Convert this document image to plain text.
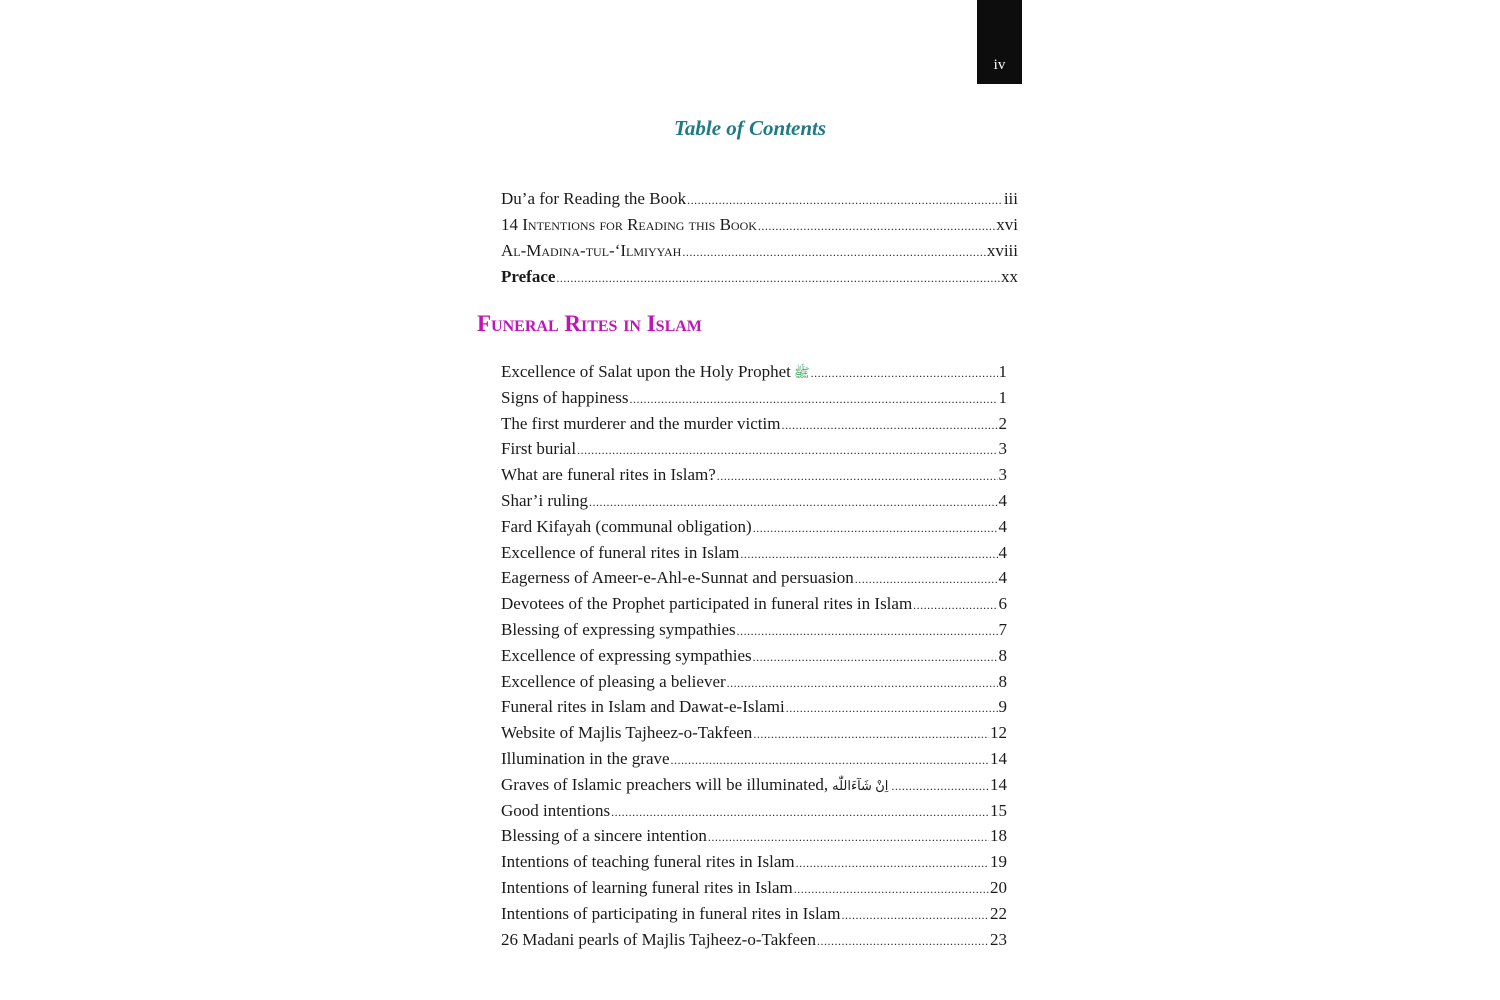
iv
Table of Contents
Du’a for Reading the Book .....	iii
14 Intentions for Reading this Book .....	xvi
Al-Madina-tul-‘Ilmiyyah .....	xviii
Preface .....	xx
Funeral Rites in Islam
Excellence of Salat upon the Holy Prophet ﷺ .....	1
Signs of happiness .....	1
The first murderer and the murder victim .....	2
First burial .....	3
What are funeral rites in Islam? .....	3
Shar’i ruling .....	4
Fard Kifayah (communal obligation) .....	4
Excellence of funeral rites in Islam .....	4
Eagerness of Ameer-e-Ahl-e-Sunnat and persuasion .....	4
Devotees of the Prophet participated in funeral rites in Islam .....	6
Blessing of expressing sympathies .....	7
Excellence of expressing sympathies .....	8
Excellence of pleasing a believer .....	8
Funeral rites in Islam and Dawat-e-Islami .....	9
Website of Majlis Tajheez-o-Takfeen .....	12
Illumination in the grave .....	14
Graves of Islamic preachers will be illuminated, اِنْ شَآءَاللّٰه .....	14
Good intentions .....	15
Blessing of a sincere intention .....	18
Intentions of teaching funeral rites in Islam .....	19
Intentions of learning funeral rites in Islam .....	20
Intentions of participating in funeral rites in Islam .....	22
26 Madani pearls of Majlis Tajheez-o-Takfeen .....	23
